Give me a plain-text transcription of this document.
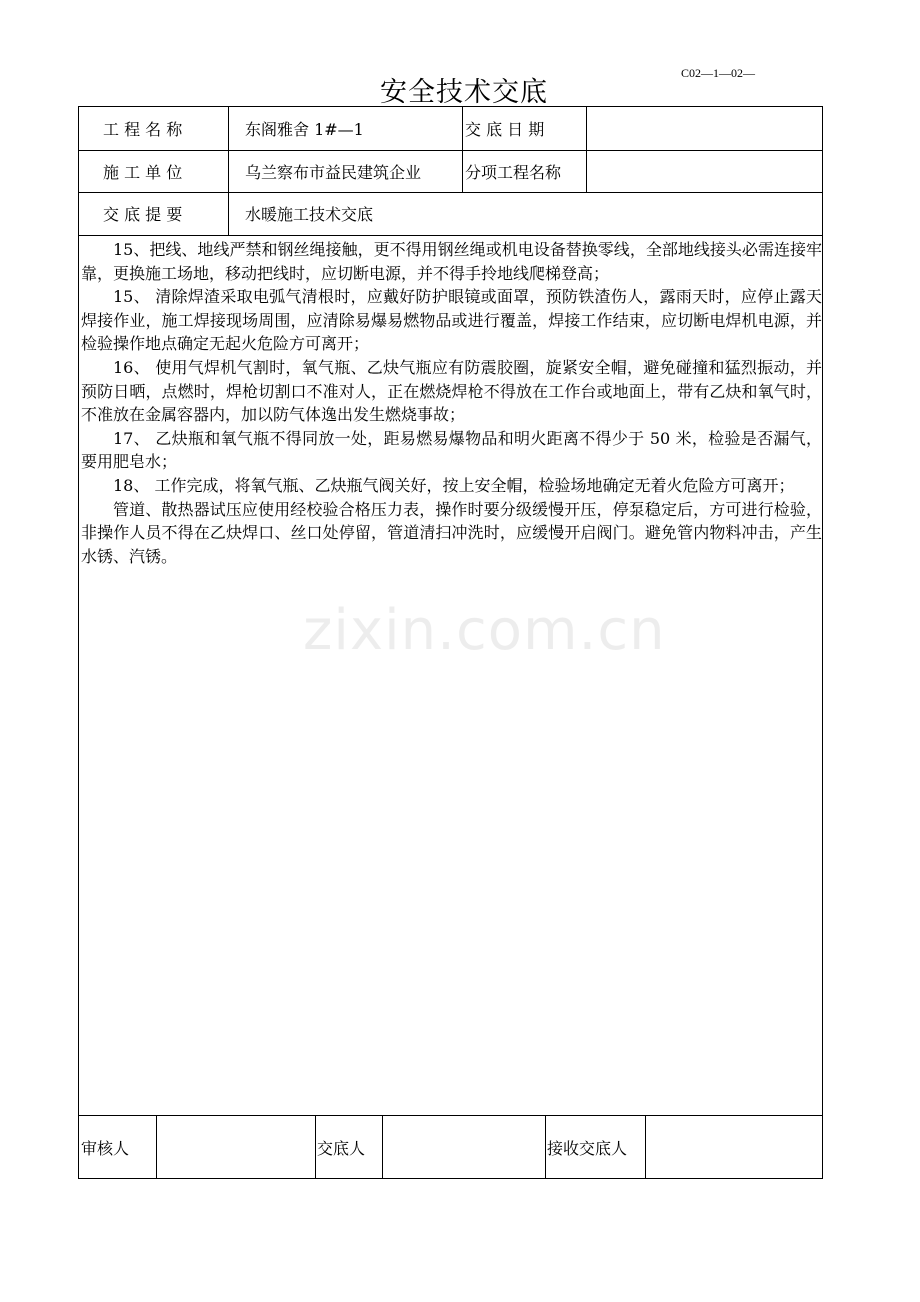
C02—1—02—
安全技术交底
工 程 名 称	东阁雅舍 1#—1	交 底 日 期
施 工 单 位	乌兰察布市益民建筑企业	分项工程名称
交 底 提 要	水暖施工技术交底

15、把线、地线严禁和钢丝绳接触，更不得用钢丝绳或机电设备替换零线，全部地线接头必需连接牢靠，更换施工场地，移动把线时，应切断电源，并不得手拎地线爬梯登高；

15、 清除焊渣采取电弧气清根时，应戴好防护眼镜或面罩，预防铁渣伤人，露雨天时，应停止露天焊接作业，施工焊接现场周围，应清除易爆易燃物品或进行覆盖，焊接工作结束，应切断电焊机电源，并检验操作地点确定无起火危险方可离开；

16、 使用气焊机气割时，氧气瓶、乙炔气瓶应有防震胶圈，旋紧安全帽，避免碰撞和猛烈振动，并预防日晒，点燃时，焊枪切割口不准对人，正在燃烧焊枪不得放在工作台或地面上，带有乙炔和氧气时，不准放在金属容器内，加以防气体逸出发生燃烧事故；

17、 乙炔瓶和氧气瓶不得同放一处，距易燃易爆物品和明火距离不得少于 50 米，检验是否漏气，要用肥皂水；

18、 工作完成，将氧气瓶、乙炔瓶气阀关好，按上安全帽，检验场地确定无着火危险方可离开；

管道、散热器试压应使用经校验合格压力表，操作时要分级缓慢开压，停泵稳定后，方可进行检验，非操作人员不得在乙炔焊口、丝口处停留，管道清扫冲洗时，应缓慢开启阀门。避免管内物料冲击，产生水锈、汽锈。

审核人	交底人	接收交底人
zixin.com.cn
